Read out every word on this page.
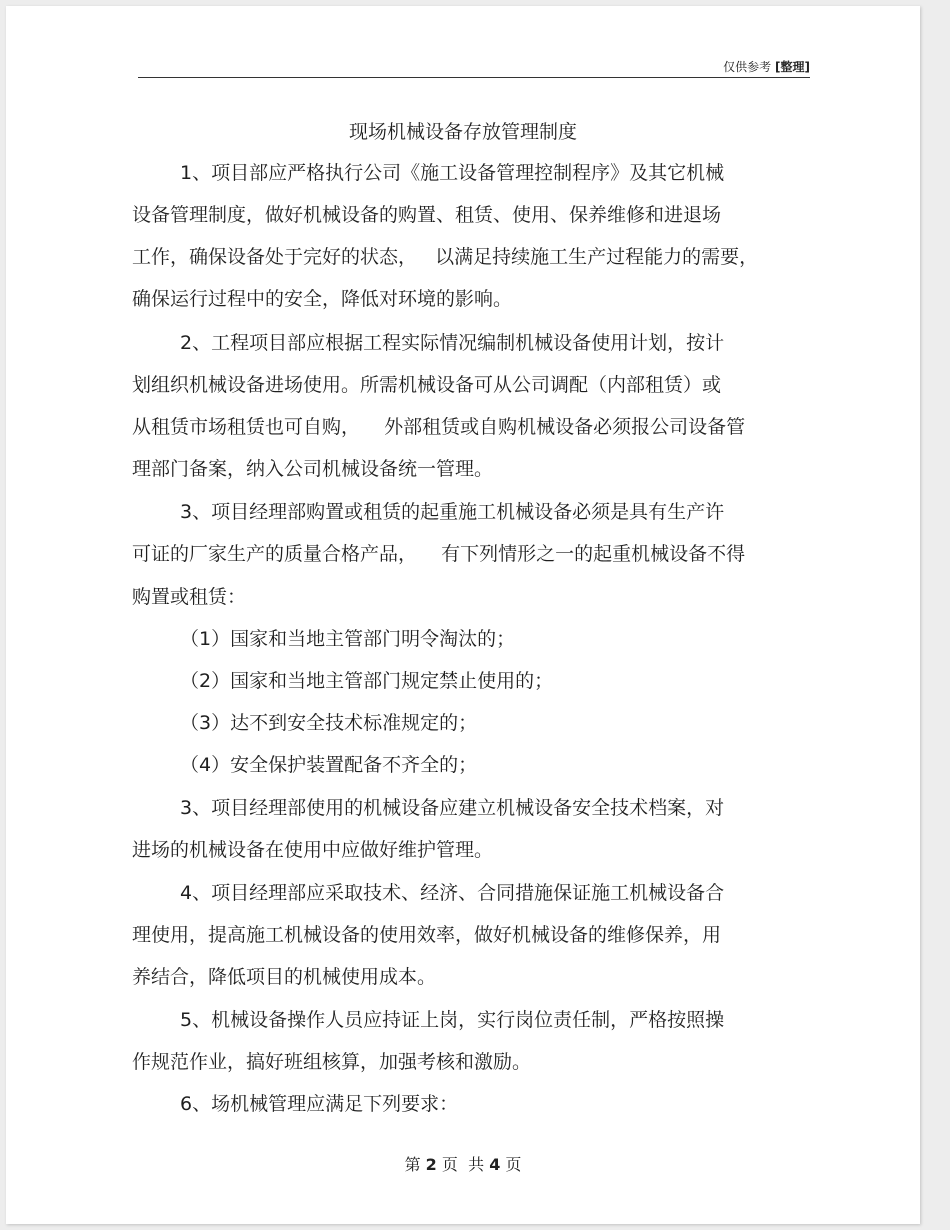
仅供参考 [整理]
现场机械设备存放管理制度
1、项目部应严格执行公司《施工设备管理控制程序》及其它机械
设备管理制度，做好机械设备的购置、租赁、使用、保养维修和进退场
工作，确保设备处于完好的状态，   以满足持续施工生产过程能力的需要，
确保运行过程中的安全，降低对环境的影响。
2、工程项目部应根据工程实际情况编制机械设备使用计划，按计
划组织机械设备进场使用。所需机械设备可从公司调配（内部租赁）或
从租赁市场租赁也可自购，    外部租赁或自购机械设备必须报公司设备管
理部门备案，纳入公司机械设备统一管理。
3、项目经理部购置或租赁的起重施工机械设备必须是具有生产许
可证的厂家生产的质量合格产品，    有下列情形之一的起重机械设备不得
购置或租赁：
（1）国家和当地主管部门明令淘汰的；
（2）国家和当地主管部门规定禁止使用的；
（3）达不到安全技术标准规定的；
（4）安全保护装置配备不齐全的；
3、项目经理部使用的机械设备应建立机械设备安全技术档案，对
进场的机械设备在使用中应做好维护管理。
4、项目经理部应采取技术、经济、合同措施保证施工机械设备合
理使用，提高施工机械设备的使用效率，做好机械设备的维修保养，用
养结合，降低项目的机械使用成本。
5、机械设备操作人员应持证上岗，实行岗位责任制，严格按照操
作规范作业，搞好班组核算，加强考核和激励。
6、场机械管理应满足下列要求：
第 2 页  共 4 页
